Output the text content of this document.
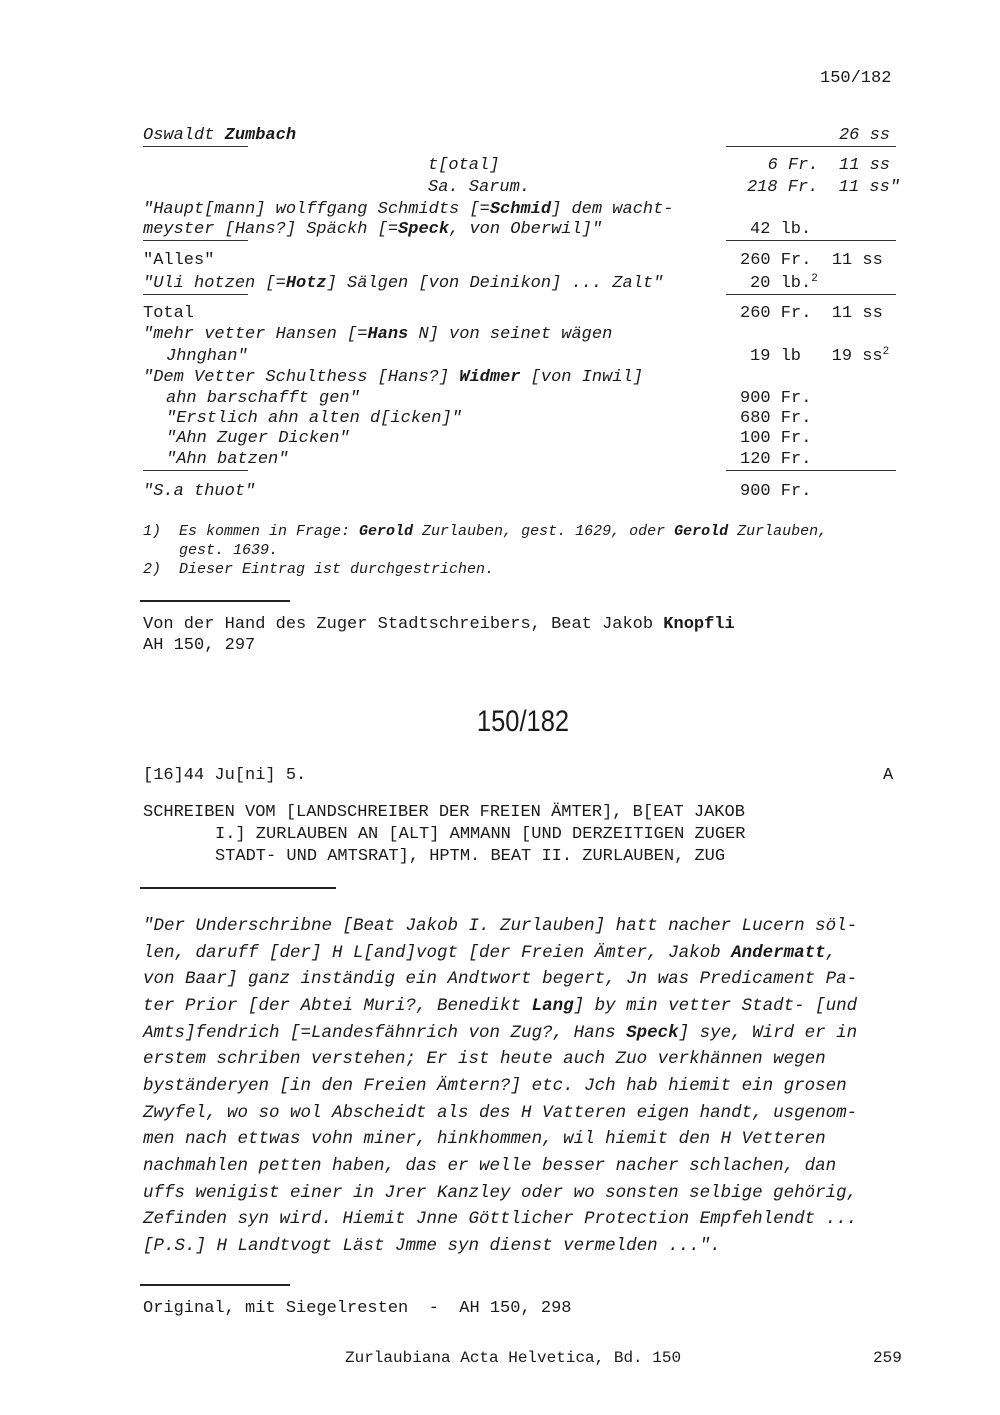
150/182
Oswaldt Zumbach	26 ss
t[otal]	6 Fr.  11 ss
Sa. Sarum.	218 Fr.  11 ss"
"Haupt[mann] wolffgang Schmidts [=Schmid] dem wacht-
meyster [Hans?] Späckh [=Speck, von Oberwil]"	42 lb.
"Alles"	260 Fr.  11 ss
"Uli hotzen [=Hotz] Sälgen [von Deinikon] ... Zalt"	20 lb.$^2$
Total	260 Fr.  11 ss
"mehr vetter Hansen [=Hans N] von seinet wägen
Jhnghan"	19 lb   19 $ss^2$
"Dem Vetter Schulthess [Hans?] Widmer [von Inwil]
ahn barschafft gen"	900 Fr.
"Erstlich ahn alten d[icken]"	680 Fr.
"Ahn Zuger Dicken"	100 Fr.
"Ahn batzen"	120 Fr.
"S.a thuot"	900 Fr.
1) Es kommen in Frage: Gerold Zurlauben, gest. 1629, oder Gerold Zurlauben,
gest. 1639.
2) Dieser Eintrag ist durchgestrichen.
Von der Hand des Zuger Stadtschreibers, Beat Jakob Knopfli
AH 150, 297
150/182
[16]44 Ju[ni] 5.	A
SCHREIBEN VOM [LANDSCHREIBER DER FREIEN ÄMTER], B[EAT JAKOB
I.] ZURLAUBEN AN [ALT] AMMANN [UND DERZEITIGEN ZUGER
STADT- UND AMTSRAT], HPTM. BEAT II. ZURLAUBEN, ZUG
"Der Underschribne [Beat Jakob I. Zurlauben] hatt nacher Lucern söl-
len, daruff [der] H L[and]vogt [der Freien Ämter, Jakob Andermatt,
von Baar] ganz inständig ein Andtwort begert, Jn was Predicament Pa-
ter Prior [der Abtei Muri?, Benedikt Lang] by min vetter Stadt- [und
Amts]fendrich [=Landesfähnrich von Zug?, Hans Speck] sye, Wird er in
erstem schriben verstehen; Er ist heute auch Zuo verkhännen wegen
byständeryen [in den Freien Ämtern?] etc. Jch hab hiemit ein grosen
Zwyfel, wo so wol Abscheidt als des H Vatteren eigen handt, usgenom-
men nach ettwas vohn miner, hinkhommen, wil hiemit den H Vetteren
nachmahlen petten haben, das er welle besser nacher schlachen, dan
uffs wenigist einer in Jrer Kanzley oder wo sonsten selbige gehörig,
Zefinden syn wird. Hiemit Jnne Göttlicher Protection Empfehlendt ...
[P.S.] H Landtvogt Läst Jmme syn dienst vermelden ...".
Original, mit Siegelresten  -  AH 150, 298
Zurlaubiana Acta Helvetica, Bd. 150	259
